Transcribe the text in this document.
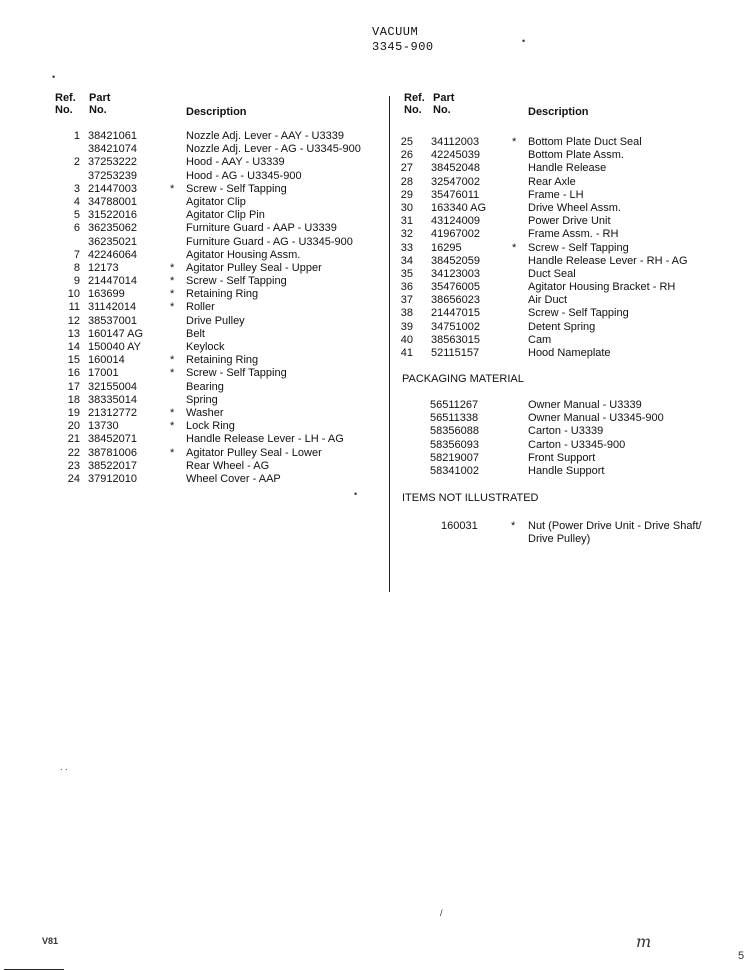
VACUUM
3345-900
Ref.
No.
Part
No.	Description
Ref.
No.
Part
No.	Description
1 38421061	Nozzle Adj. Lever - AAY - U3339
38421074	Nozzle Adj. Lever - AG - U3345-900
2 37253222	Hood - AAY - U3339
37253239	Hood - AG - U3345-900
3 21447003	* Screw - Self Tapping
4 34788001	Agitator Clip
5 31522016	Agitator Clip Pin
6 36235062	Furniture Guard - AAP - U3339
36235021	Furniture Guard - AG - U3345-900
7 42246064	Agitator Housing Assm.
8 12173	* Agitator Pulley Seal - Upper
9 21447014	* Screw - Self Tapping
10 163699	* Retaining Ring
11 31142014	* Roller
12 38537001	Drive Pulley
13 160147 AG	Belt
14 150040 AY	Keylock
15 160014	* Retaining Ring
16 17001	* Screw - Self Tapping
17 32155004	Bearing
18 38335014	Spring
19 21312772	* Washer
20 13730	* Lock Ring
21 38452071	Handle Release Lever - LH - AG
22 38781006	* Agitator Pulley Seal - Lower
23 38522017	Rear Wheel - AG
24 37912010	Wheel Cover - AAP
25 34112003	* Bottom Plate Duct Seal
26 42245039	Bottom Plate Assm.
27 38452048	Handle Release
28 32547002	Rear Axle
29 35476011	Frame - LH
30 163340 AG	Drive Wheel Assm.
31 43124009	Power Drive Unit
32 41967002	Frame Assm. - RH
33 16295	* Screw - Self Tapping
34 38452059	Handle Release Lever - RH - AG
35 34123003	Duct Seal
36 35476005	Agitator Housing Bracket - RH
37 38656023	Air Duct
38 21447015	Screw - Self Tapping
39 34751002	Detent Spring
40 38563015	Cam
41 52115157	Hood Nameplate
PACKAGING MATERIAL
56511267	Owner Manual - U3339
56511338	Owner Manual - U3345-900
58356088	Carton - U3339
58356093	Carton - U3345-900
58219007	Front Support
58341002	Handle Support
ITEMS NOT ILLUSTRATED
160031	* Nut (Power Drive Unit - Drive Shaft/
Drive Pulley)
V81	m
5
•
•
•
. .
/
